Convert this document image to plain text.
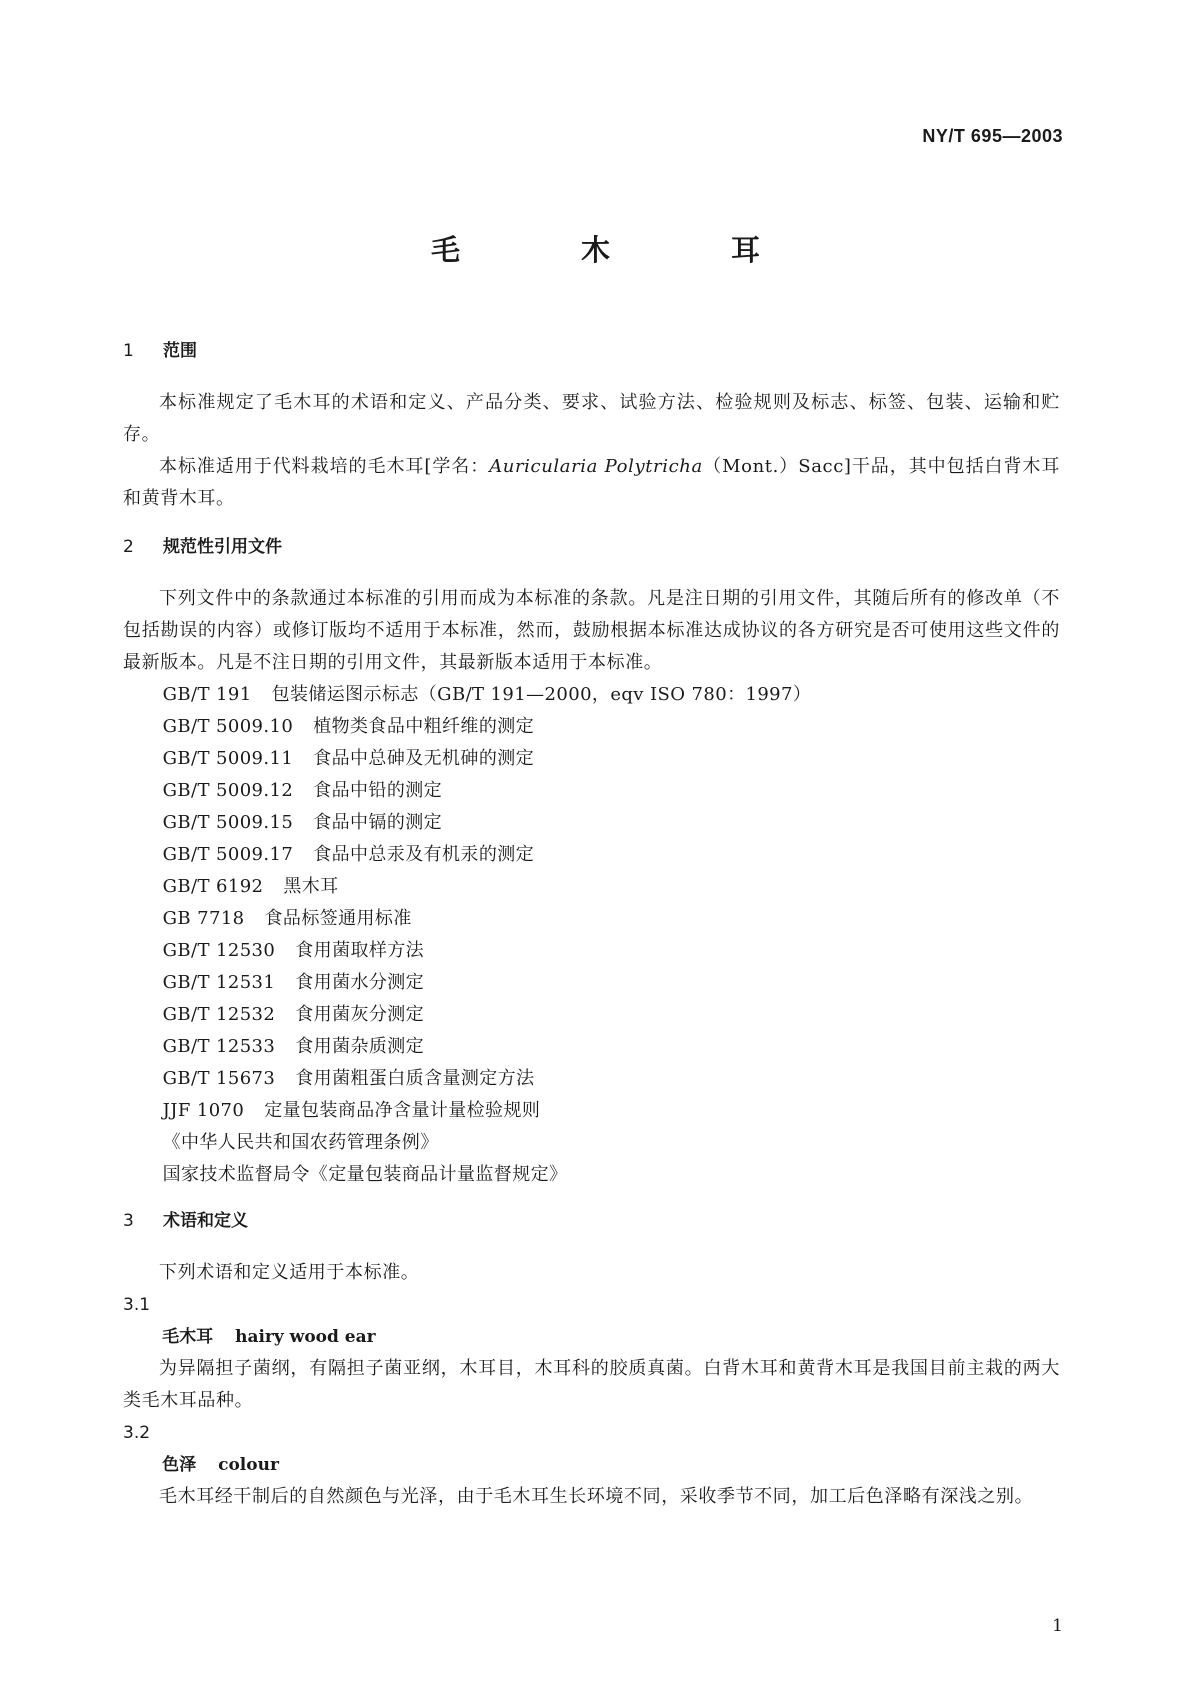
NY/T 695—2003
毛　木　耳

1 范围

本标准规定了毛木耳的术语和定义、产品分类、要求、试验方法、检验规则及标志、标签、包装、运输和贮存。

本标准适用于代料栽培的毛木耳[学名：Auricularia Polytricha（Mont.）Sacc]干品，其中包括白背木耳和黄背木耳。

2 规范性引用文件

下列文件中的条款通过本标准的引用而成为本标准的条款。凡是注日期的引用文件，其随后所有的修改单（不包括勘误的内容）或修订版均不适用于本标准，然而，鼓励根据本标准达成协议的各方研究是否可使用这些文件的最新版本。凡是不注日期的引用文件，其最新版本适用于本标准。

GB/T 191 包装储运图示标志（GB/T 191—2000，eqv ISO 780：1997）

GB/T 5009.10 植物类食品中粗纤维的测定

GB/T 5009.11 食品中总砷及无机砷的测定

GB/T 5009.12 食品中铅的测定

GB/T 5009.15 食品中镉的测定

GB/T 5009.17 食品中总汞及有机汞的测定

GB/T 6192 黑木耳

GB 7718 食品标签通用标准

GB/T 12530 食用菌取样方法

GB/T 12531 食用菌水分测定

GB/T 12532 食用菌灰分测定

GB/T 12533 食用菌杂质测定

GB/T 15673 食用菌粗蛋白质含量测定方法

JJF 1070 定量包装商品净含量计量检验规则

《中华人民共和国农药管理条例》

国家技术监督局令《定量包装商品计量监督规定》

3 术语和定义

下列术语和定义适用于本标准。

3.1

毛木耳 hairy wood ear

为异隔担子菌纲，有隔担子菌亚纲，木耳目，木耳科的胶质真菌。白背木耳和黄背木耳是我国目前主栽的两大类毛木耳品种。

3.2

色泽 colour

毛木耳经干制后的自然颜色与光泽，由于毛木耳生长环境不同，采收季节不同，加工后色泽略有深浅之别。

1
